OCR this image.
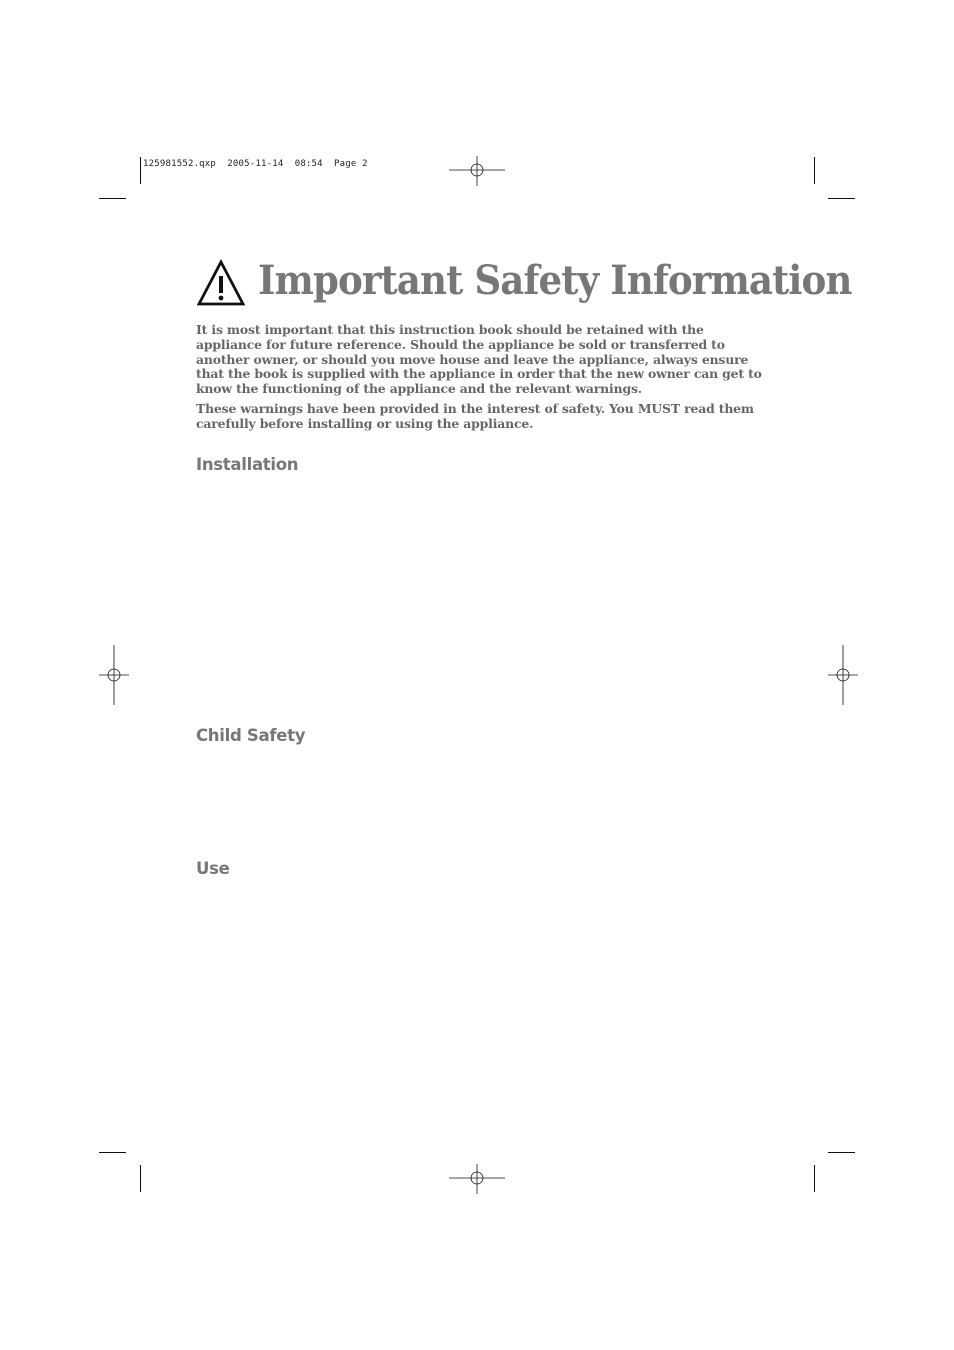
125981552.qxp  2005-11-14  08:54  Page 2
Important Safety Information

It is most important that this instruction book should be retained with the appliance for future reference. Should the appliance be sold or transferred to another owner, or should you move house and leave the appliance, always ensure that the book is supplied with the appliance in order that the new owner can get to know the functioning of the appliance and the relevant warnings.

These warnings have been provided in the interest of safety. You MUST read them carefully before installing or using the appliance.

Installation
Child Safety
Use
